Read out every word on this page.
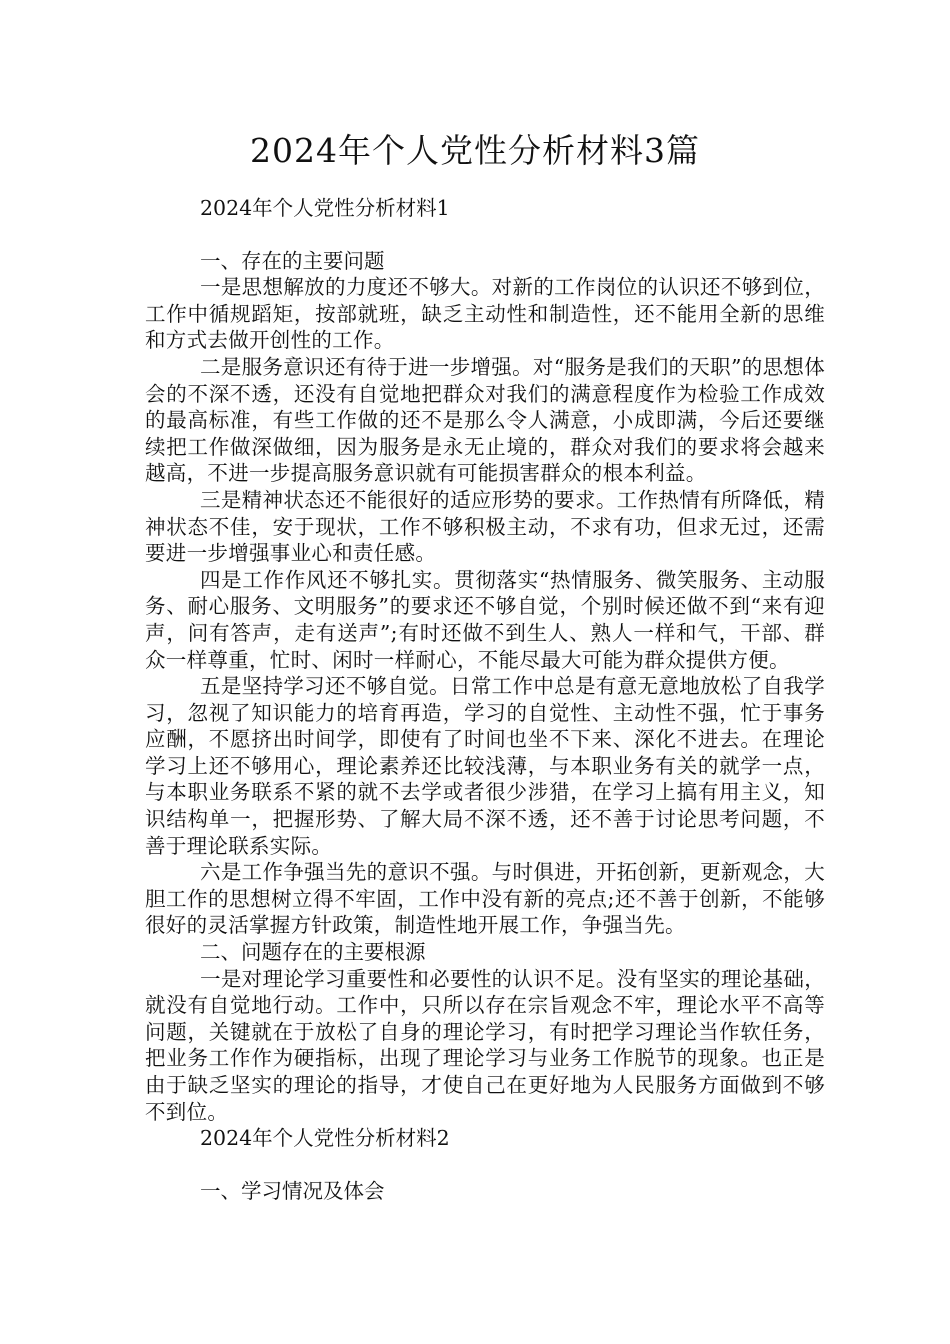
2024年个人党性分析材料3篇

2024年个人党性分析材料1

一、存在的主要问题

一是思想解放的力度还不够大。对新的工作岗位的认识还不够到位，工作中循规蹈矩，按部就班，缺乏主动性和制造性，还不能用全新的思维和方式去做开创性的工作。

二是服务意识还有待于进一步增强。对“服务是我们的天职”的思想体会的不深不透，还没有自觉地把群众对我们的满意程度作为检验工作成效的最高标准，有些工作做的还不是那么令人满意，小成即满，今后还要继续把工作做深做细，因为服务是永无止境的，群众对我们的要求将会越来越高，不进一步提高服务意识就有可能损害群众的根本利益。

三是精神状态还不能很好的适应形势的要求。工作热情有所降低，精神状态不佳，安于现状，工作不够积极主动，不求有功，但求无过，还需要进一步增强事业心和责任感。

四是工作作风还不够扎实。贯彻落实“热情服务、微笑服务、主动服务、耐心服务、文明服务”的要求还不够自觉，个别时候还做不到“来有迎声，问有答声，走有送声”;有时还做不到生人、熟人一样和气，干部、群众一样尊重，忙时、闲时一样耐心，不能尽最大可能为群众提供方便。

五是坚持学习还不够自觉。日常工作中总是有意无意地放松了自我学习，忽视了知识能力的培育再造，学习的自觉性、主动性不强，忙于事务应酬，不愿挤出时间学，即使有了时间也坐不下来、深化不进去。在理论学习上还不够用心，理论素养还比较浅薄，与本职业务有关的就学一点，与本职业务联系不紧的就不去学或者很少涉猎，在学习上搞有用主义，知识结构单一，把握形势、了解大局不深不透，还不善于讨论思考问题，不善于理论联系实际。

六是工作争强当先的意识不强。与时俱进，开拓创新，更新观念，大胆工作的思想树立得不牢固，工作中没有新的亮点;还不善于创新，不能够很好的灵活掌握方针政策，制造性地开展工作，争强当先。

二、问题存在的主要根源

一是对理论学习重要性和必要性的认识不足。没有坚实的理论基础，就没有自觉地行动。工作中，只所以存在宗旨观念不牢，理论水平不高等问题，关键就在于放松了自身的理论学习，有时把学习理论当作软任务，把业务工作作为硬指标，出现了理论学习与业务工作脱节的现象。也正是由于缺乏坚实的理论的指导，才使自己在更好地为人民服务方面做到不够不到位。

2024年个人党性分析材料2

一、学习情况及体会
